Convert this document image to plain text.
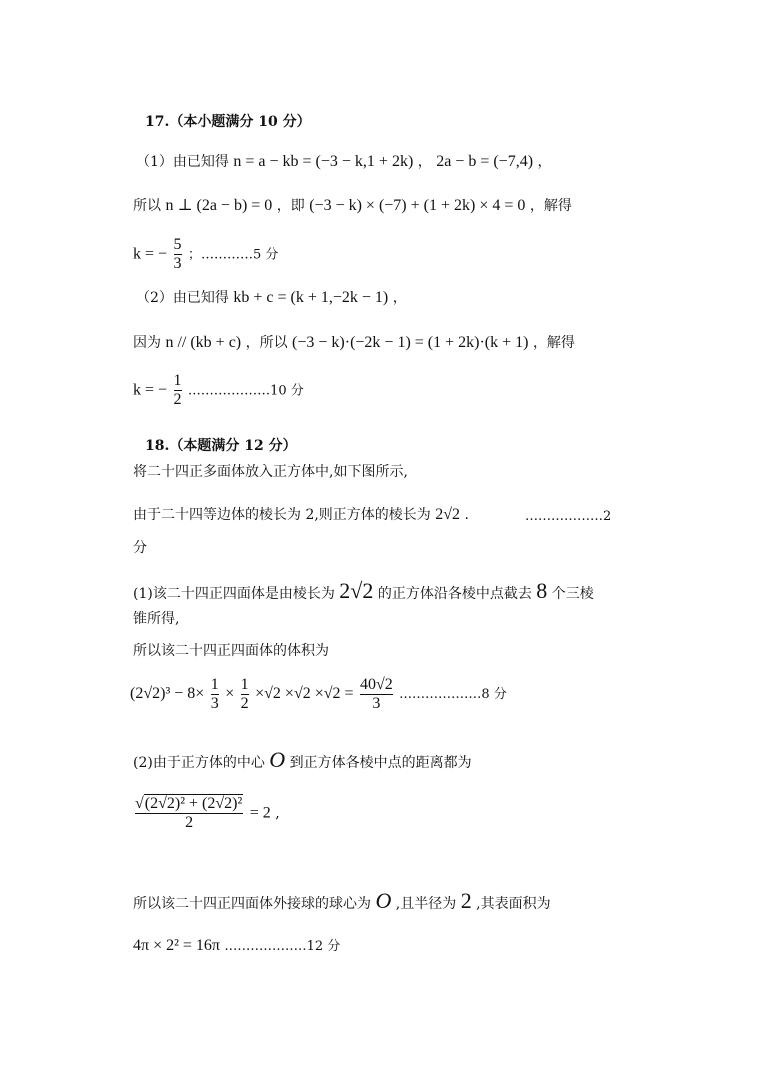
17.（本小题满分 10 分）
（1）由已知得 n = a − kb = (−3 − k,1 + 2k) ， 2a − b = (−7,4) ，
所以 n ⊥ (2a − b) = 0 ，即 (−3 − k) × (−7) + (1 + 2k) × 4 = 0 ，解得
k = − $\frac{5}{3}$ ；…………5 分
（2）由已知得 kb + c = (k + 1,−2k − 1) ，
因为 n // (kb + c) ，所以 (−3 − k)·(−2k − 1) = (1 + 2k)·(k + 1) ，解得
k = − $\frac{1}{2}$ .………………10 分
18.（本题满分 12 分）
将二十四正多面体放入正方体中,如下图所示,
由于二十四等边体的棱长为 2,则正方体的棱长为 2√2 .	………………2
分
(1)该二十四正四面体是由棱长为 2√2 的正方体沿各棱中点截去 8 个三棱
锥所得,
所以该二十四正四面体的体积为
$(2√2)^3 - 8\times \frac{1}{3} \times \frac{1}{2} \times√2 \times√2 \times√2 = \frac{40√2}{3}$ .………………8 分
(2)由于正方体的中心 O 到正方体各棱中点的距离都为
$\frac{\text{√(2√2)² + (2√2)²}}{2} = 2$ ,
所以该二十四正四面体外接球的球心为 O ,且半径为 2 ,其表面积为
4π × 2² = 16π .………………12 分
